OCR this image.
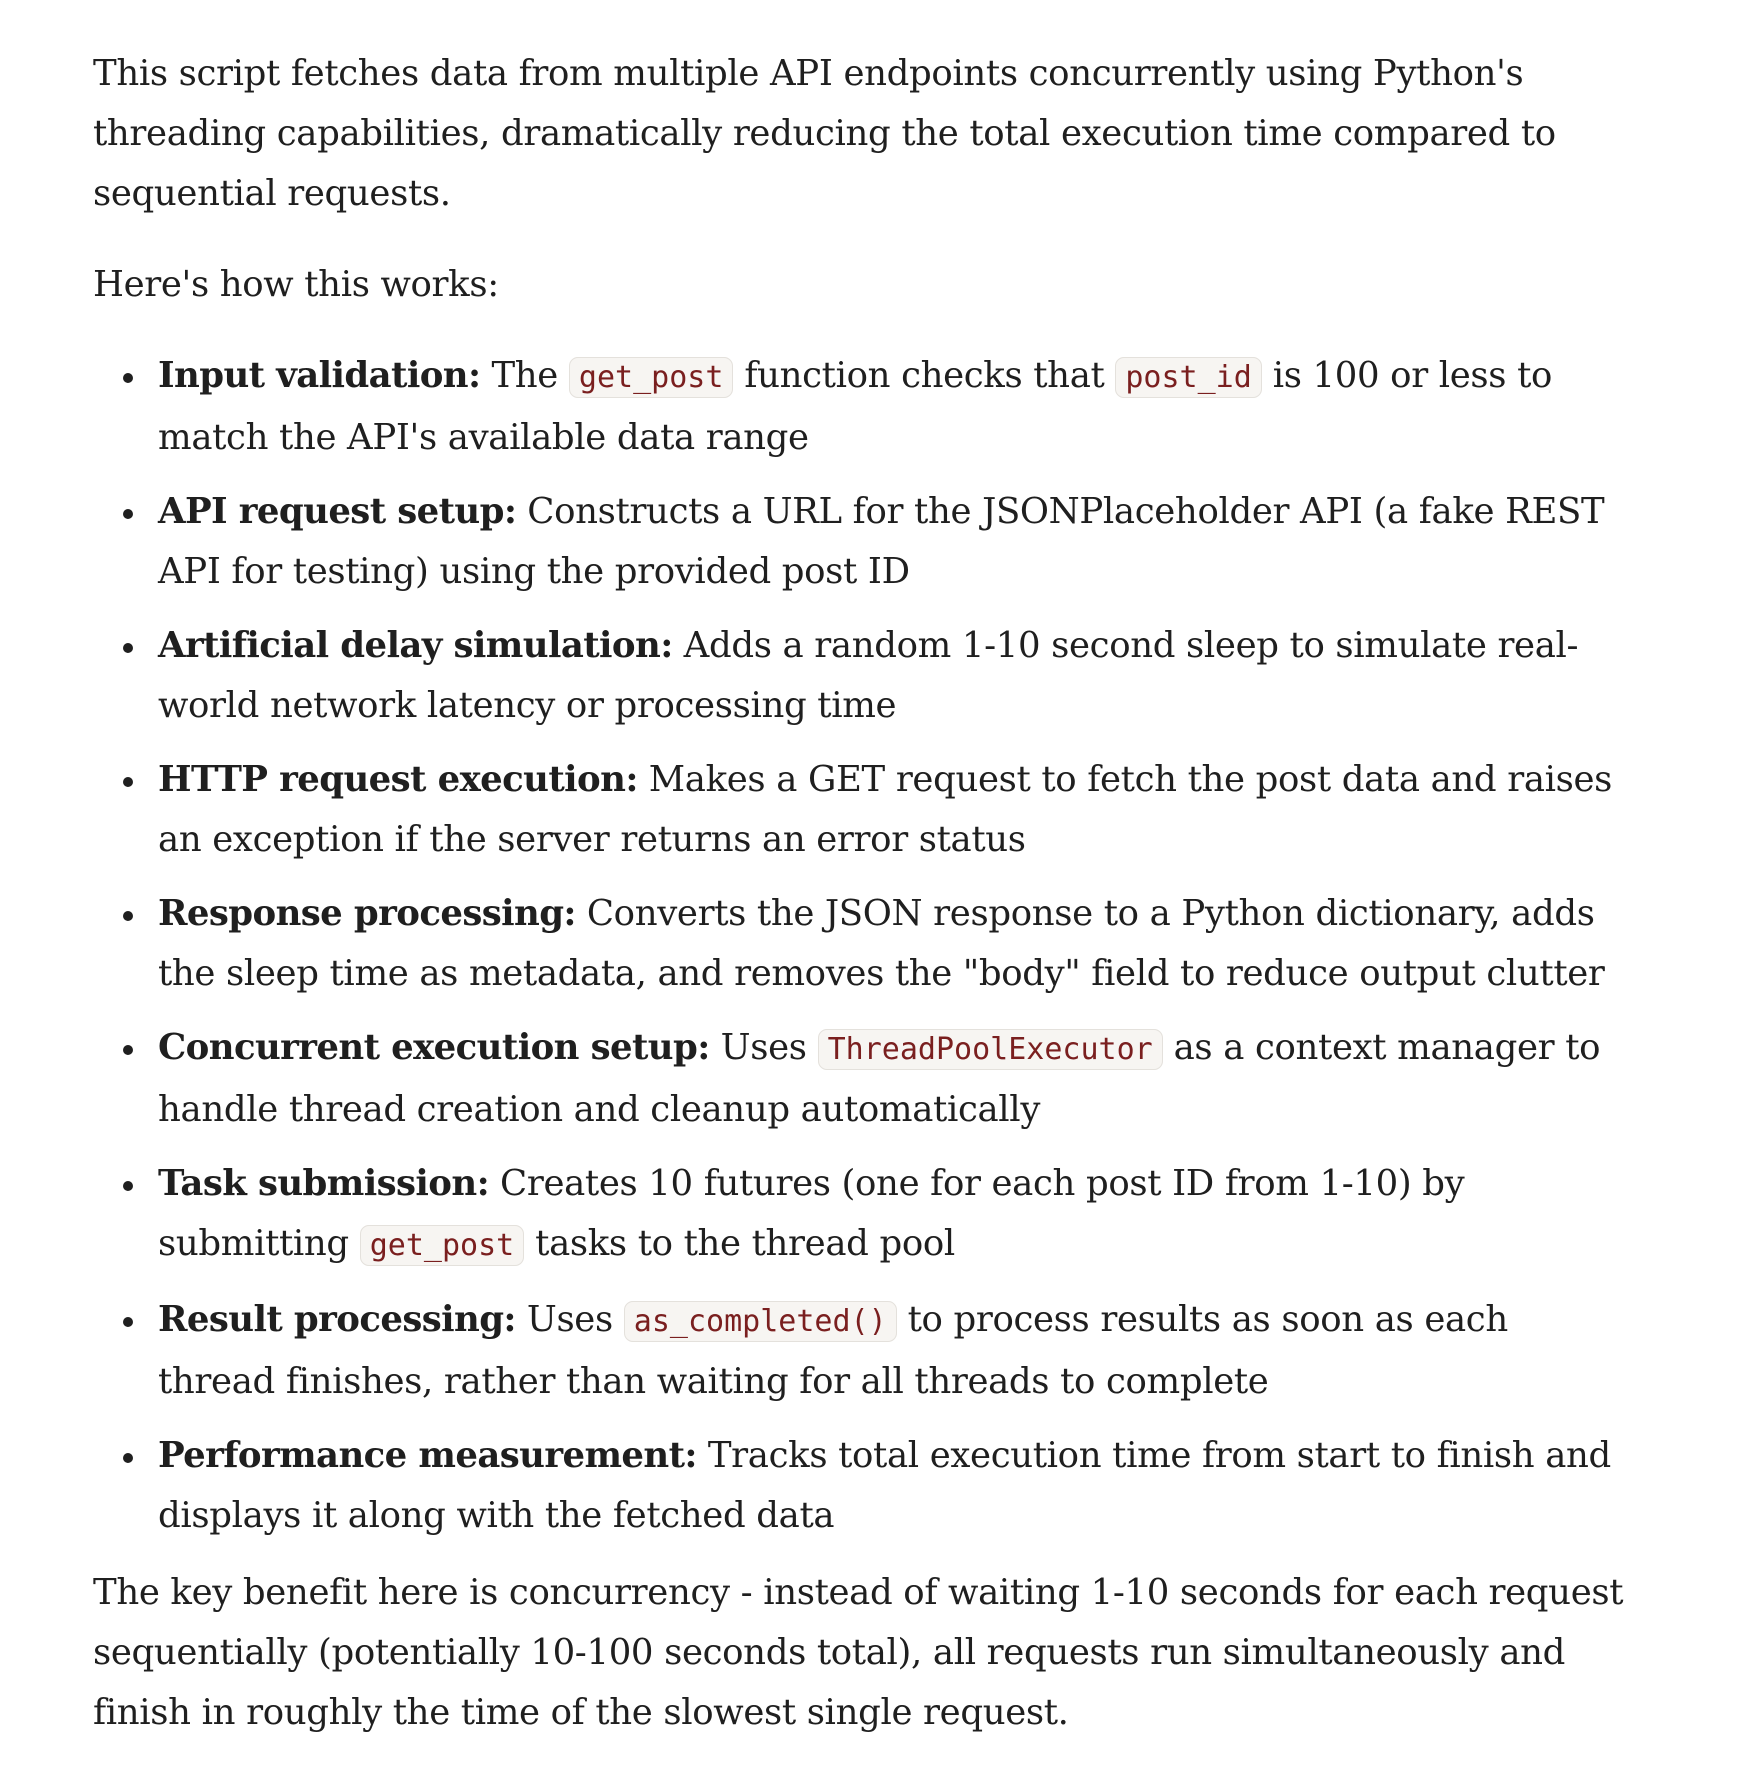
This script fetches data from multiple API endpoints concurrently using Python's threading capabilities, dramatically reducing the total execution time compared to sequential requests.

Here's how this works:

Input validation: The get_post function checks that post_id is 100 or less to match the API's available data range
API request setup: Constructs a URL for the JSONPlaceholder API (a fake REST API for testing) using the provided post ID
Artificial delay simulation: Adds a random 1-10 second sleep to simulate real-world network latency or processing time
HTTP request execution: Makes a GET request to fetch the post data and raises an exception if the server returns an error status
Response processing: Converts the JSON response to a Python dictionary, adds the sleep time as metadata, and removes the "body" field to reduce output clutter
Concurrent execution setup: Uses ThreadPoolExecutor as a context manager to handle thread creation and cleanup automatically
Task submission: Creates 10 futures (one for each post ID from 1-10) by submitting get_post tasks to the thread pool
Result processing: Uses as_completed() to process results as soon as each thread finishes, rather than waiting for all threads to complete
Performance measurement: Tracks total execution time from start to finish and displays it along with the fetched data

The key benefit here is concurrency - instead of waiting 1-10 seconds for each request sequentially (potentially 10-100 seconds total), all requests run simultaneously and finish in roughly the time of the slowest single request.
